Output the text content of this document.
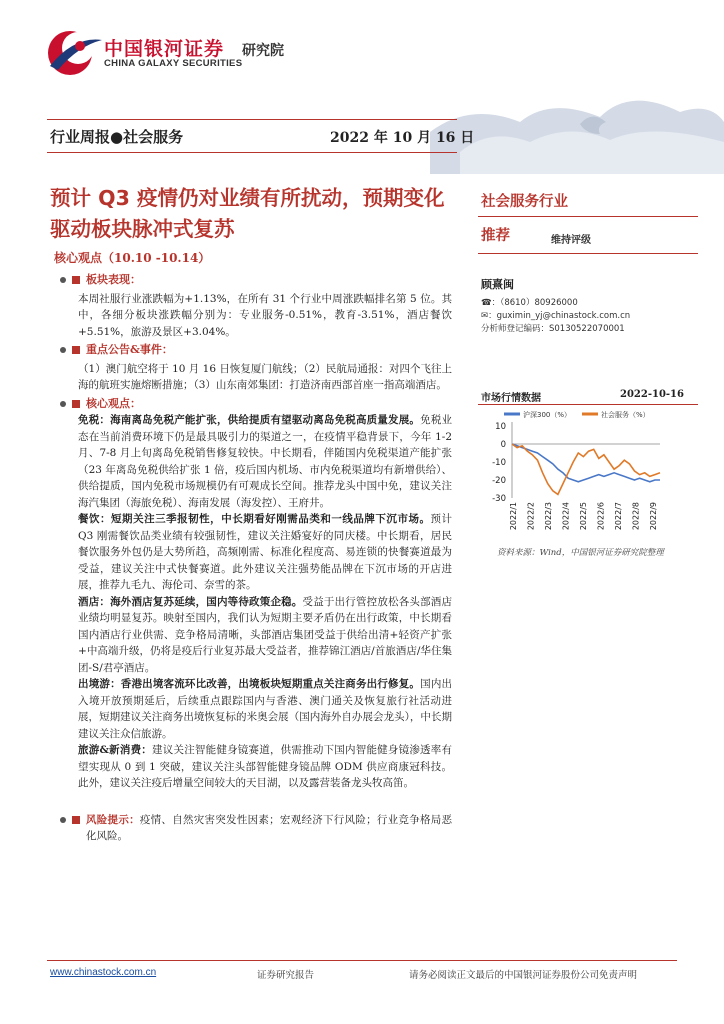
中国银河证券
CHINA GALAXY SECURITIES
研究院
行业周报●社会服务	2022 年 10 月 16 日
预计 Q3 疫情仍对业绩有所扰动，预期变化驱动板块脉冲式复苏
核心观点（10.10 -10.14）
社会服务行业
推荐	维持评级
顾熹闽
☎：（8610）80926000
✉：guximin_yj@chinastock.com.cn
分析师登记编码：S0130522070001
市场行情数据	2022-10-16
沪深300（%）	社会服务（%）
10
0
-10
-20
-30
2022/1 2022/2 2022/3 2022/4 2022/5 2022/6 2022/7 2022/8 2022/9
资料来源：Wind，中国银河证券研究院整理
板块表现：
本周社服行业涨跌幅为+1.13%，在所有 31 个行业中周涨跌幅排名第 5 位。其中，各细分板块涨跌幅分别为：专业服务-0.51%，教育-3.51%，酒店餐饮+5.51%，旅游及景区+3.04%。
重点公告&事件：
（1）澳门航空将于 10 月 16 日恢复厦门航线；（2）民航局通报：对四个飞往上海的航班实施熔断措施；（3）山东南郊集团：打造济南西部首座一指高端酒店。
核心观点：
免税：海南离岛免税产能扩张，供给提质有望驱动离岛免税高质量发展。免税业态在当前消费环境下仍是最具吸引力的渠道之一，在疫情平稳背景下，今年 1-2 月、7-8 月上旬离岛免税销售修复较快。中长期看，伴随国内免税渠道产能扩张（23 年离岛免税供给扩张 1 倍，疫后国内机场、市内免税渠道均有新增供给）、供给提质，国内免税市场规模仍有可观成长空间。推荐龙头中国中免，建议关注海汽集团（海旅免税）、海南发展（海发控）、王府井。
餐饮：短期关注三季报韧性，中长期看好刚需品类和一线品牌下沉市场。预计 Q3 刚需餐饮品类业绩有较强韧性，建议关注婚宴好的同庆楼。中长期看，居民餐饮服务外包仍是大势所趋，高频刚需、标准化程度高、易连锁的快餐赛道最为受益，建议关注中式快餐赛道。此外建议关注强势能品牌在下沉市场的开店进展，推荐九毛九、海伦司、奈雪的茶。
酒店：海外酒店复苏延续，国内等待政策企稳。受益于出行管控放松各头部酒店业绩均明显复苏。映射至国内，我们认为短期主要矛盾仍在出行政策，中长期看国内酒店行业供需、竞争格局清晰，头部酒店集团受益于供给出清+轻资产扩张+中高端升级，仍将是疫后行业复苏最大受益者，推荐锦江酒店/首旅酒店/华住集团-S/君亭酒店。
出境游：香港出境客流环比改善，出境板块短期重点关注商务出行修复。国内出入境开放预期延后，后续重点跟踪国内与香港、澳门通关及恢复旅行社活动进展，短期建议关注商务出境恢复标的米奥会展（国内海外自办展会龙头），中长期建议关注众信旅游。
旅游&新消费：建议关注智能健身镜赛道，供需推动下国内智能健身镜渗透率有望实现从 0 到 1 突破，建议关注头部智能健身镜品牌 ODM 供应商康冠科技。此外，建议关注疫后增量空间较大的天目湖，以及露营装备龙头牧高笛。
风险提示：疫情、自然灾害突发性因素；宏观经济下行风险；行业竞争格局恶化风险。
www.chinastock.com.cn	证券研究报告	请务必阅读正文最后的中国银河证券股份公司免责声明
